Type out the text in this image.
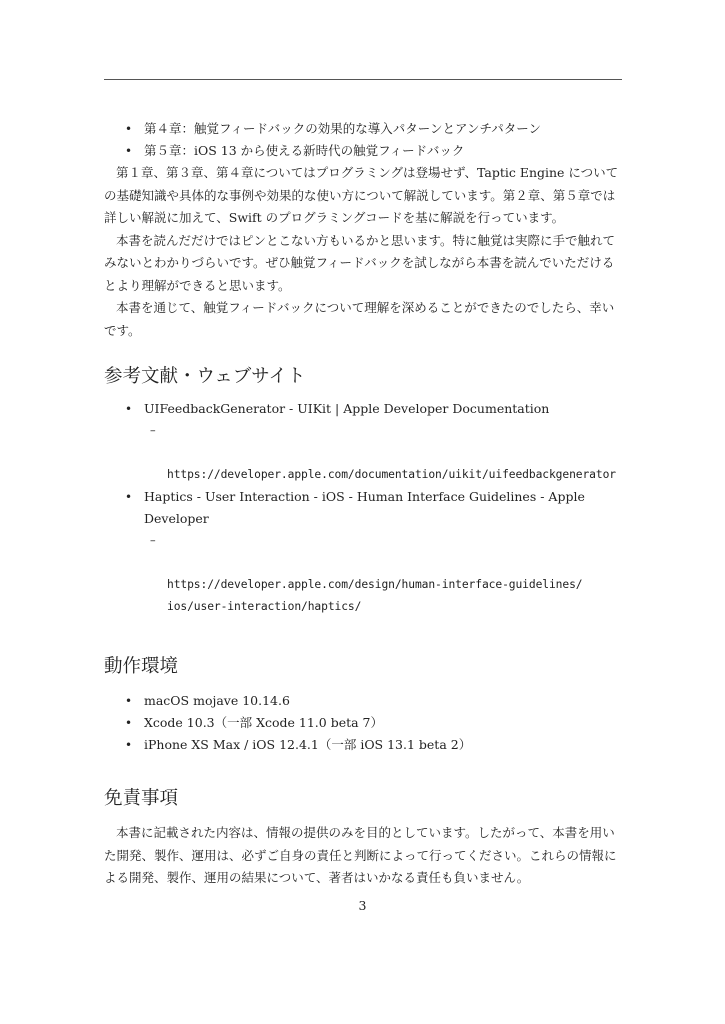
• 第４章：触覚フィードバックの効果的な導入パターンとアンチパターン
• 第５章：iOS 13 から使える新時代の触覚フィードバック

第１章、第３章、第４章についてはプログラミングは登場せず、Taptic Engine についての基礎知識や具体的な事例や効果的な使い方について解説しています。第２章、第５章では詳しい解説に加えて、Swift のプログラミングコードを基に解説を行っています。

本書を読んだだけではピンとこない方もいるかと思います。特に触覚は実際に手で触れてみないとわかりづらいです。ぜひ触覚フィードバックを試しながら本書を読んでいただけるとより理解ができると思います。

本書を通じて、触覚フィードバックについて理解を深めることができたのでしたら、幸いです。

参考文献・ウェブサイト
• UIFeedbackGenerator - UIKit | Apple Developer Documentation

–

https://developer.apple.com/documentation/uikit/uifeedbackgenerator

• Haptics - User Interaction - iOS - Human Interface Guidelines - Apple Developer

–

https://developer.apple.com/design/human-interface-guidelines/
ios/user-interaction/haptics/

動作環境
• macOS mojave 10.14.6
• Xcode 10.3（一部 Xcode 11.0 beta 7）
• iPhone XS Max / iOS 12.4.1（一部 iOS 13.1 beta 2）
免責事項

本書に記載された内容は、情報の提供のみを目的としています。したがって、本書を用いた開発、製作、運用は、必ずご自身の責任と判断によって行ってください。これらの情報による開発、製作、運用の結果について、著者はいかなる責任も負いません。

3
